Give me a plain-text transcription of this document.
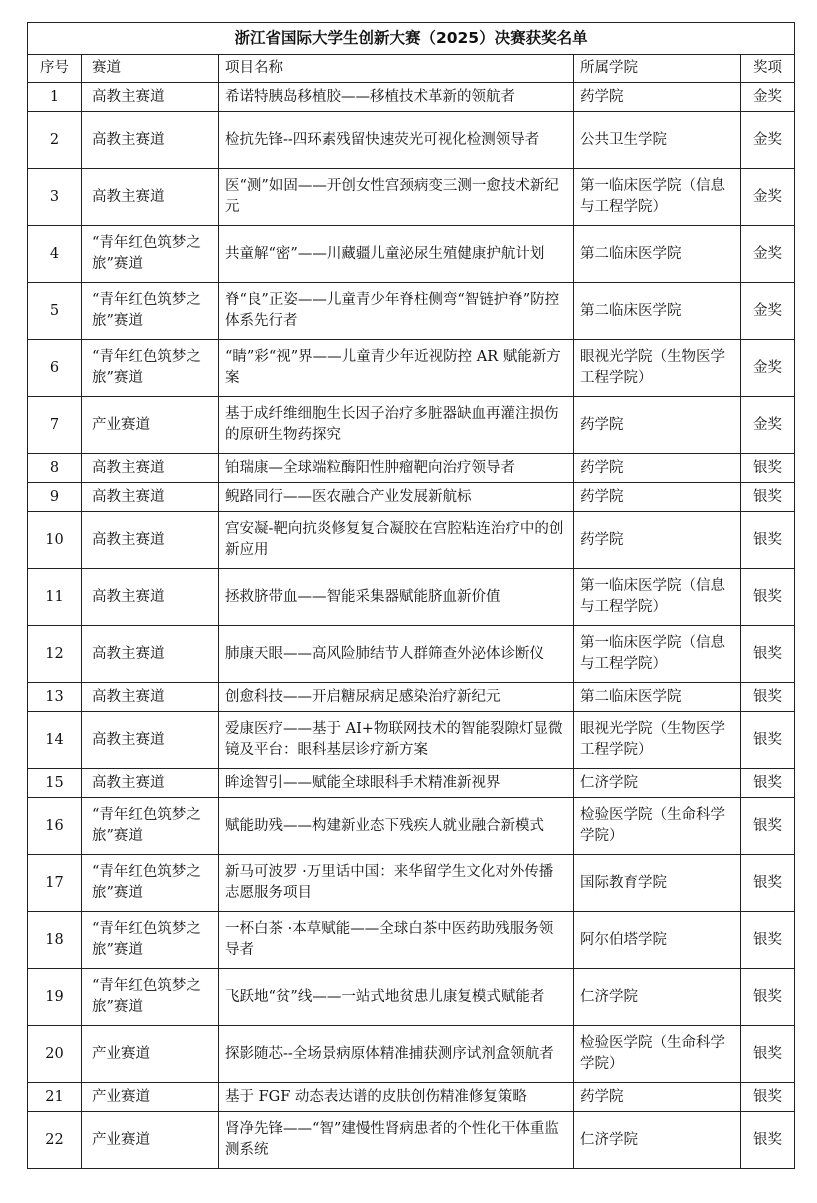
浙江省国际大学生创新大赛（2025）决赛获奖名单				
序号	赛道	项目名称	所属学院	奖项
1	高教主赛道	希诺特胰岛移植胶——移植技术革新的领航者	药学院	金奖
2	高教主赛道	检抗先锋--四环素残留快速荧光可视化检测领导者	公共卫生学院	金奖
3	高教主赛道	医“测”如固——开创女性宫颈病变三测一愈技术新纪元	第一临床医学院（信息与工程学院）	金奖
4	“青年红色筑梦之旅”赛道	共童解“密”——川藏疆儿童泌尿生殖健康护航计划	第二临床医学院	金奖
5	“青年红色筑梦之旅”赛道	脊“良”正姿——儿童青少年脊柱侧弯“智链护脊”防控体系先行者	第二临床医学院	金奖
6	“青年红色筑梦之旅”赛道	“睛”彩“视”界——儿童青少年近视防控 AR 赋能新方案	眼视光学院（生物医学工程学院）	金奖
7	产业赛道	基于成纤维细胞生长因子治疗多脏器缺血再灌注损伤的原研生物药探究	药学院	金奖
8	高教主赛道	铂瑞康—全球端粒酶阳性肿瘤靶向治疗领导者	药学院	银奖
9	高教主赛道	鲵路同行——医农融合产业发展新航标	药学院	银奖
10	高教主赛道	宫安凝-靶向抗炎修复复合凝胶在宫腔粘连治疗中的创新应用	药学院	银奖
11	高教主赛道	拯救脐带血——智能采集器赋能脐血新价值	第一临床医学院（信息与工程学院）	银奖
12	高教主赛道	肺康天眼——高风险肺结节人群筛查外泌体诊断仪	第一临床医学院（信息与工程学院）	银奖
13	高教主赛道	创愈科技——开启糖尿病足感染治疗新纪元	第二临床医学院	银奖
14	高教主赛道	爱康医疗——基于 AI+物联网技术的智能裂隙灯显微镜及平台：眼科基层诊疗新方案	眼视光学院（生物医学工程学院）	银奖
15	高教主赛道	眸途智引——赋能全球眼科手术精准新视界	仁济学院	银奖
16	“青年红色筑梦之旅”赛道	赋能助残——构建新业态下残疾人就业融合新模式	检验医学院（生命科学学院）	银奖
17	“青年红色筑梦之旅”赛道	新马可波罗 ·万里话中国：来华留学生文化对外传播志愿服务项目	国际教育学院	银奖
18	“青年红色筑梦之旅”赛道	一杯白茶 ·本草赋能——全球白茶中医药助残服务领导者	阿尔伯塔学院	银奖
19	“青年红色筑梦之旅”赛道	飞跃地“贫”线——一站式地贫患儿康复模式赋能者	仁济学院	银奖
20	产业赛道	探影随芯--全场景病原体精准捕获测序试剂盒领航者	检验医学院（生命科学学院）	银奖
21	产业赛道	基于 FGF 动态表达谱的皮肤创伤精准修复策略	药学院	银奖
22	产业赛道	肾净先锋——“智”建慢性肾病患者的个性化干体重监测系统	仁济学院	银奖
